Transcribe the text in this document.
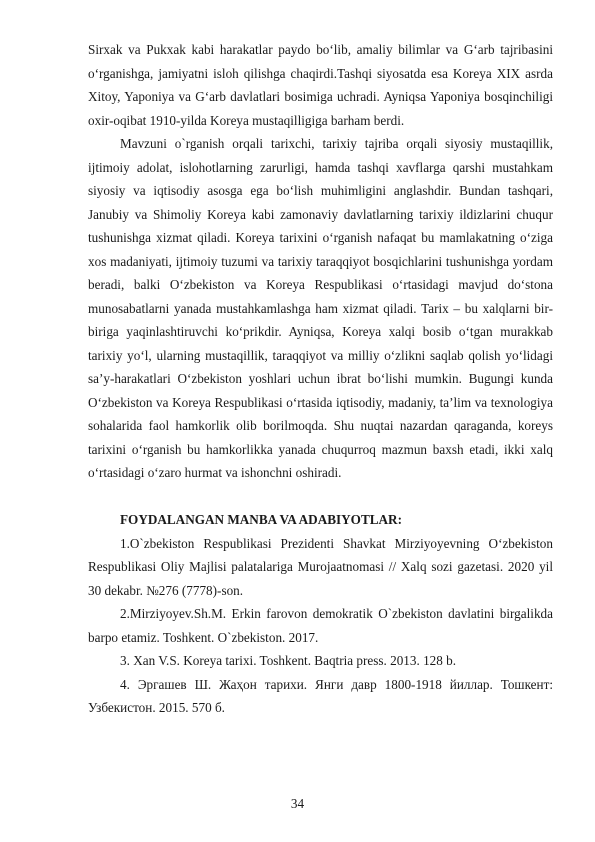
Sirxak va Pukxak kabi harakatlar paydo bo‘lib, amaliy bilimlar va G‘arb tajribasini o‘rganishga, jamiyatni isloh qilishga chaqirdi.Tashqi siyosatda esa Koreya XIX asrda Xitoy, Yaponiya va G‘arb davlatlari bosimiga uchradi. Ayniqsa Yaponiya bosqinchiligi oxir-oqibat 1910-yilda Koreya mustaqilligiga barham berdi.

Mavzuni o`rganish orqali tarixchi, tarixiy tajriba orqali siyosiy mustaqillik, ijtimoiy adolat, islohotlarning zarurligi, hamda tashqi xavflarga qarshi mustahkam siyosiy va iqtisodiy asosga ega bo‘lish muhimligini anglashdir. Bundan tashqari, Janubiy va Shimoliy Koreya kabi zamonaviy davlatlarning tarixiy ildizlarini chuqur tushunishga xizmat qiladi. Koreya tarixini o‘rganish nafaqat bu mamlakatning o‘ziga xos madaniyati, ijtimoiy tuzumi va tarixiy taraqqiyot bosqichlarini tushunishga yordam beradi, balki O‘zbekiston va Koreya Respublikasi o‘rtasidagi mavjud do‘stona munosabatlarni yanada mustahkamlashga ham xizmat qiladi. Tarix – bu xalqlarni bir-biriga yaqinlashtiruvchi ko‘prikdir. Ayniqsa, Koreya xalqi bosib o‘tgan murakkab tarixiy yo‘l, ularning mustaqillik, taraqqiyot va milliy o‘zlikni saqlab qolish yo‘lidagi sa’y-harakatlari O‘zbekiston yoshlari uchun ibrat bo‘lishi mumkin. Bugungi kunda O‘zbekiston va Koreya Respublikasi o‘rtasida iqtisodiy, madaniy, ta’lim va texnologiya sohalarida faol hamkorlik olib borilmoqda. Shu nuqtai nazardan qaraganda, koreys tarixini o‘rganish bu hamkorlikka yanada chuqurroq mazmun baxsh etadi, ikki xalq o‘rtasidagi o‘zaro hurmat va ishonchni oshiradi.

FOYDALANGAN MANBA VA ADABIYOTLAR:

1.O`zbekiston Respublikasi Prezidenti Shavkat Mirziyoyevning O‘zbekiston Respublikasi Oliy Majlisi palatalariga Murojaatnomasi // Xalq sozi gazetasi. 2020 yil 30 dekabr. №276 (7778)-son.

2.Mirziyoyev.Sh.M. Erkin farovon demokratik O`zbekiston davlatini birgalikda barpo etamiz. Toshkent. O`zbekiston. 2017.

3. Xan V.S. Koreya tarixi. Toshkent. Baqtria press. 2013. 128 b.

4. Эргашев Ш. Жаҳон тарихи. Янги давр 1800-1918 йиллар. Тошкент: Узбекистон. 2015. 570 б.

34
